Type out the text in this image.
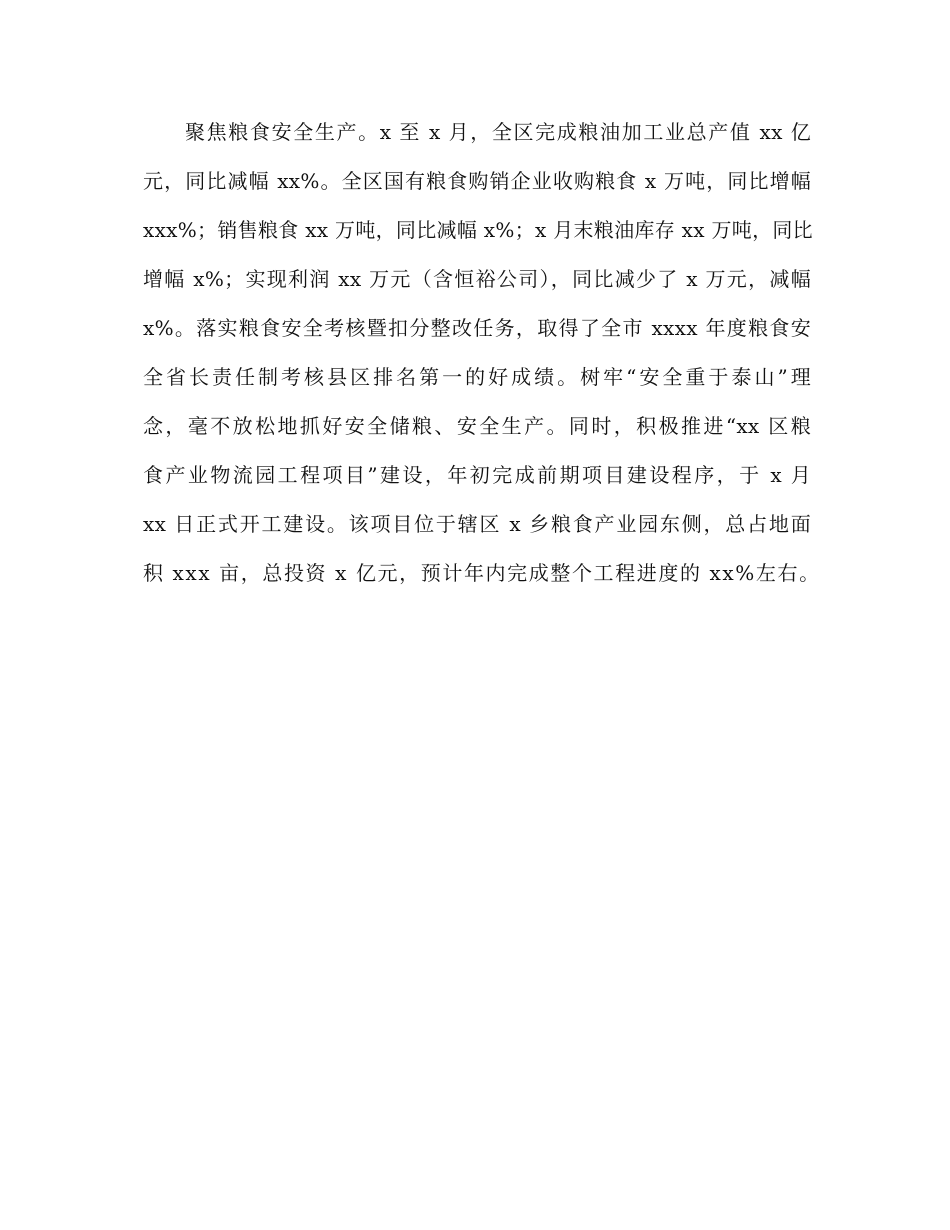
聚焦粮食安全生产。x 至 x 月，全区完成粮油加工业总产值 xx 亿
元，同比减幅 xx%。全区国有粮食购销企业收购粮食 x 万吨，同比增幅
xxx%；销售粮食 xx 万吨，同比减幅 x%；x 月末粮油库存 xx 万吨，同比
增幅 x%；实现利润 xx 万元（含恒裕公司），同比减少了 x 万元，减幅
x%。落实粮食安全考核暨扣分整改任务，取得了全市 xxxx 年度粮食安
全省长责任制考核县区排名第一的好成绩。树牢“安全重于泰山”理
念，毫不放松地抓好安全储粮、安全生产。同时，积极推进“xx 区粮
食产业物流园工程项目”建设，年初完成前期项目建设程序，于 x 月
xx 日正式开工建设。该项目位于辖区 x 乡粮食产业园东侧，总占地面
积 xxx 亩，总投资 x 亿元，预计年内完成整个工程进度的 xx%左右。
